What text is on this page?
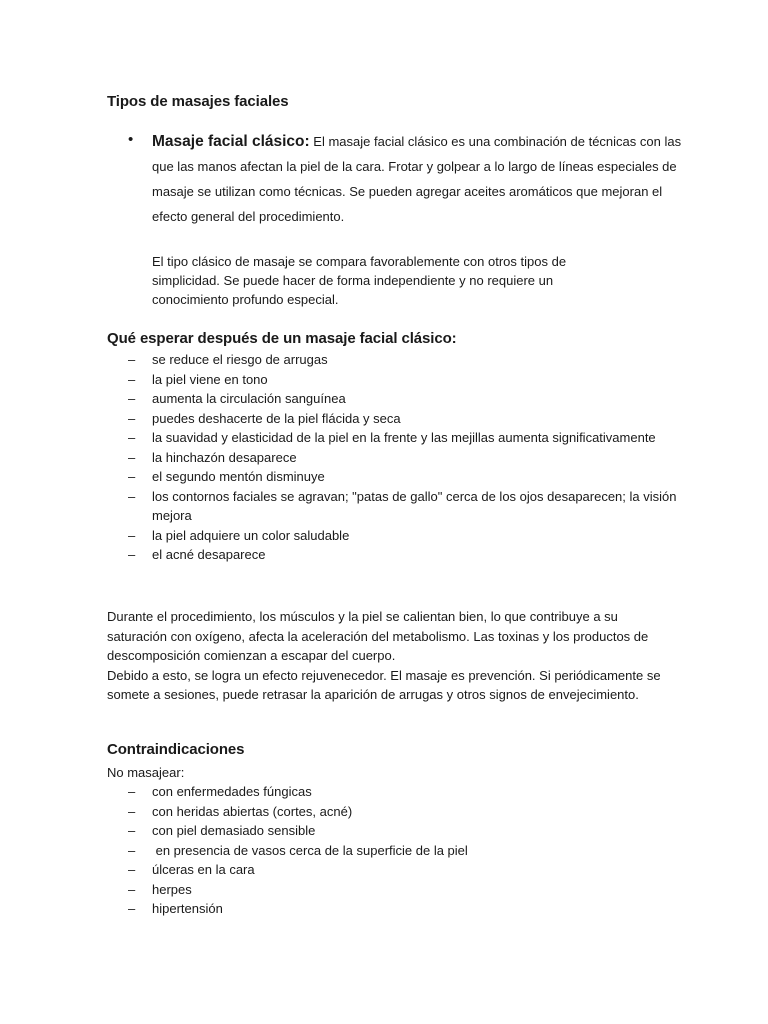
Tipos de masajes faciales
• Masaje facial clásico: El masaje facial clásico es una combinación de técnicas con las que las manos afectan la piel de la cara. Frotar y golpear a lo largo de líneas especiales de masaje se utilizan como técnicas. Se pueden agregar aceites aromáticos que mejoran el efecto general del procedimiento.

El tipo clásico de masaje se compara favorablemente con otros tipos de simplicidad. Se puede hacer de forma independiente y no requiere un conocimiento profundo especial.

Qué esperar después de un masaje facial clásico:
– se reduce el riesgo de arrugas
– la piel viene en tono
– aumenta la circulación sanguínea
– puedes deshacerte de la piel flácida y seca
– la suavidad y elasticidad de la piel en la frente y las mejillas aumenta significativamente
– la hinchazón desaparece
– el segundo mentón disminuye
– los contornos faciales se agravan; "patas de gallo" cerca de los ojos desaparecen; la visión mejora
– la piel adquiere un color saludable
– el acné desaparece
Durante el procedimiento, los músculos y la piel se calientan bien, lo que contribuye a su saturación con oxígeno, afecta la aceleración del metabolismo. Las toxinas y los productos de descomposición comienzan a escapar del cuerpo.
Debido a esto, se logra un efecto rejuvenecedor. El masaje es prevención. Si periódicamente se somete a sesiones, puede retrasar la aparición de arrugas y otros signos de envejecimiento.
Contraindicaciones
No masajear:
– con enfermedades fúngicas
– con heridas abiertas (cortes, acné)
– con piel demasiado sensible
– en presencia de vasos cerca de la superficie de la piel
– úlceras en la cara
– herpes
– hipertensión
